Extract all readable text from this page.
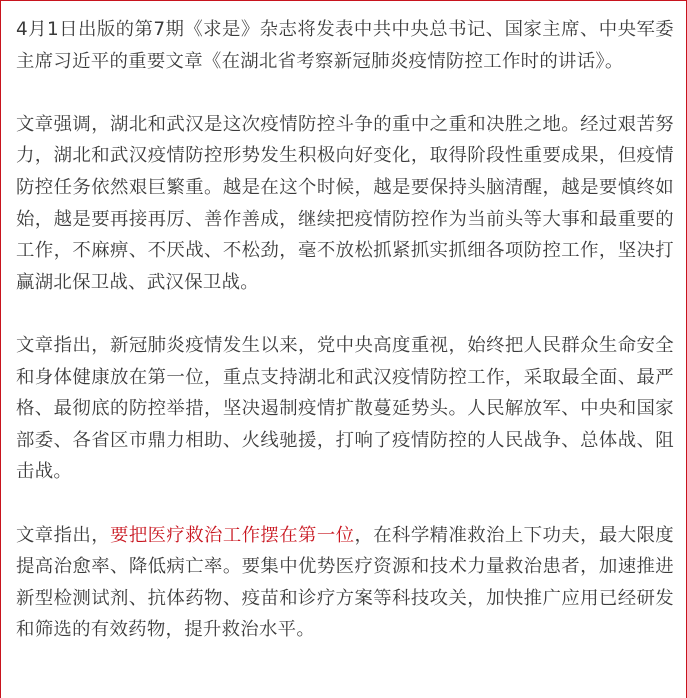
4月1日出版的第7期《求是》杂志将发表中共中央总书记、国家主席、中央军委主席习近平的重要文章《在湖北省考察新冠肺炎疫情防控工作时的讲话》。

文章强调，湖北和武汉是这次疫情防控斗争的重中之重和决胜之地。经过艰苦努力，湖北和武汉疫情防控形势发生积极向好变化，取得阶段性重要成果，但疫情防控任务依然艰巨繁重。越是在这个时候，越是要保持头脑清醒，越是要慎终如始，越是要再接再厉、善作善成，继续把疫情防控作为当前头等大事和最重要的工作，不麻痹、不厌战、不松劲，毫不放松抓紧抓实抓细各项防控工作，坚决打赢湖北保卫战、武汉保卫战。

文章指出，新冠肺炎疫情发生以来，党中央高度重视，始终把人民群众生命安全和身体健康放在第一位，重点支持湖北和武汉疫情防控工作，采取最全面、最严格、最彻底的防控举措，坚决遏制疫情扩散蔓延势头。人民解放军、中央和国家部委、各省区市鼎力相助、火线驰援，打响了疫情防控的人民战争、总体战、阻击战。

文章指出，要把医疗救治工作摆在第一位，在科学精准救治上下功夫，最大限度提高治愈率、降低病亡率。要集中优势医疗资源和技术力量救治患者，加速推进新型检测试剂、抗体药物、疫苗和诊疗方案等科技攻关，加快推广应用已经研发和筛选的有效药物，提升救治水平。
